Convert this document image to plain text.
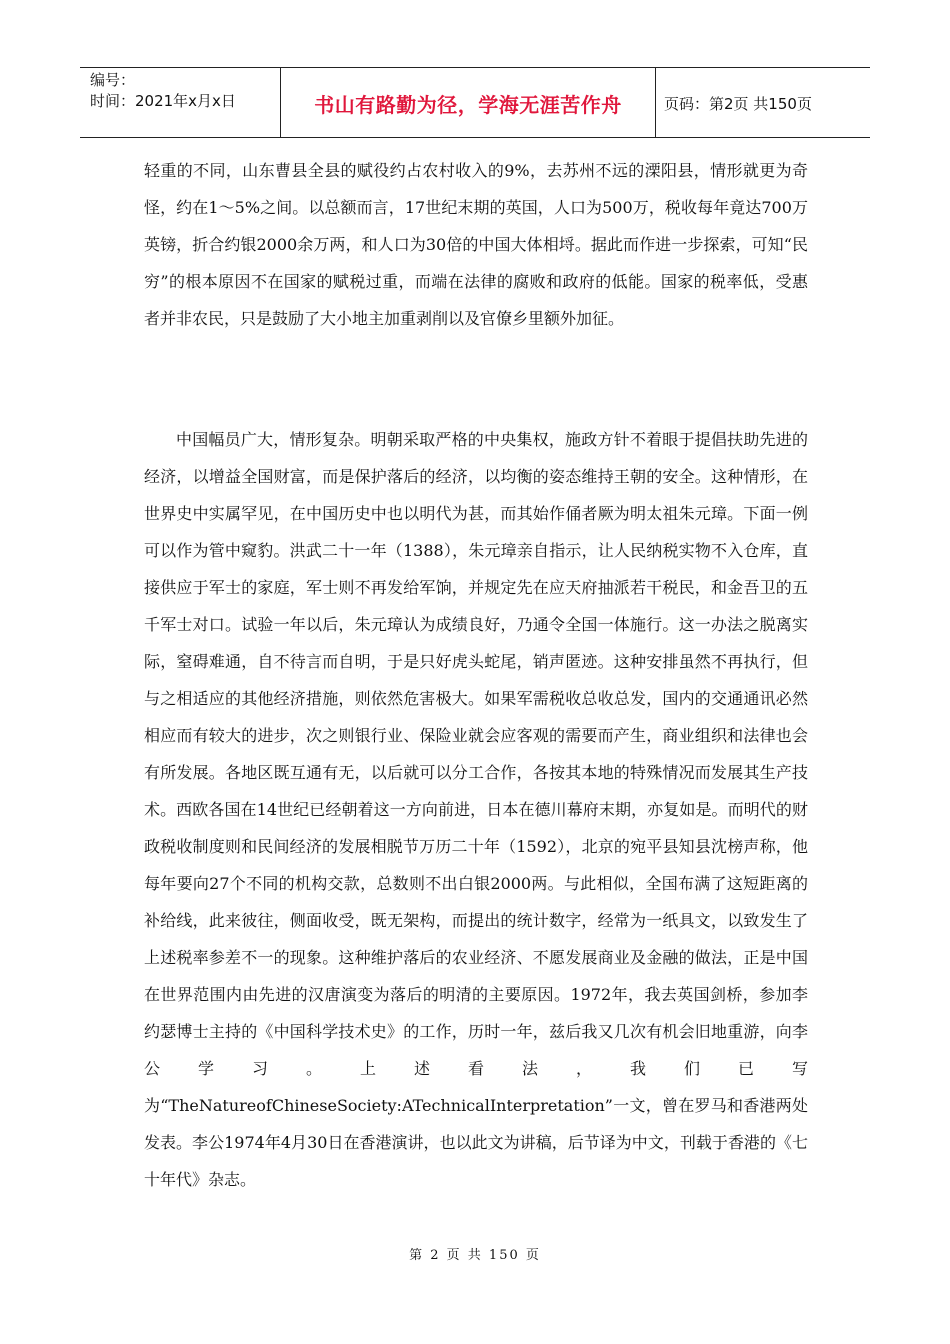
编号：
时间：2021年x月x日	书山有路勤为径，学海无涯苦作舟	页码：第2页 共150页

轻重的不同，山东曹县全县的赋役约占农村收入的9%，去苏州不远的溧阳县，情形就更为奇怪，约在1～5%之间。以总额而言，17世纪末期的英国，人口为500万，税收每年竟达700万英镑，折合约银2000余万两，和人口为30倍的中国大体相埒。据此而作进一步探索，可知“民穷”的根本原因不在国家的赋税过重，而端在法律的腐败和政府的低能。国家的税率低，受惠者并非农民，只是鼓励了大小地主加重剥削以及官僚乡里额外加征。

中国幅员广大，情形复杂。明朝采取严格的中央集权，施政方针不着眼于提倡扶助先进的经济，以增益全国财富，而是保护落后的经济，以均衡的姿态维持王朝的安全。这种情形，在世界史中实属罕见，在中国历史中也以明代为甚，而其始作俑者厥为明太祖朱元璋。下面一例可以作为管中窥豹。洪武二十一年（1388），朱元璋亲自指示，让人民纳税实物不入仓库，直接供应于军士的家庭，军士则不再发给军饷，并规定先在应天府抽派若干税民，和金吾卫的五千军士对口。试验一年以后，朱元璋认为成绩良好，乃通令全国一体施行。这一办法之脱离实际，窒碍难通，自不待言而自明，于是只好虎头蛇尾，销声匿迹。这种安排虽然不再执行，但与之相适应的其他经济措施，则依然危害极大。如果军需税收总收总发，国内的交通通讯必然相应而有较大的进步，次之则银行业、保险业就会应客观的需要而产生，商业组织和法律也会有所发展。各地区既互通有无，以后就可以分工合作，各按其本地的特殊情况而发展其生产技术。西欧各国在14世纪已经朝着这一方向前进，日本在德川幕府末期，亦复如是。而明代的财政税收制度则和民间经济的发展相脱节万历二十年（1592），北京的宛平县知县沈榜声称，他每年要向27个不同的机构交款，总数则不出白银2000两。与此相似，全国布满了这短距离的补给线，此来彼往，侧面收受，既无架构，而提出的统计数字，经常为一纸具文，以致发生了上述税率参差不一的现象。这种维护落后的农业经济、不愿发展商业及金融的做法，正是中国在世界范围内由先进的汉唐演变为落后的明清的主要原因。1972年，我去英国剑桥，参加李约瑟博士主持的《中国科学技术史》的工作，历时一年，兹后我又几次有机会旧地重游，向李公学习。上述看法，我们已写为“TheNatureofChineseSociety:ATechnicalInterpretation”一文，曾在罗马和香港两处发表。李公1974年4月30日在香港演讲，也以此文为讲稿，后节译为中文，刊载于香港的《七十年代》杂志。

第 2 页 共 150 页
